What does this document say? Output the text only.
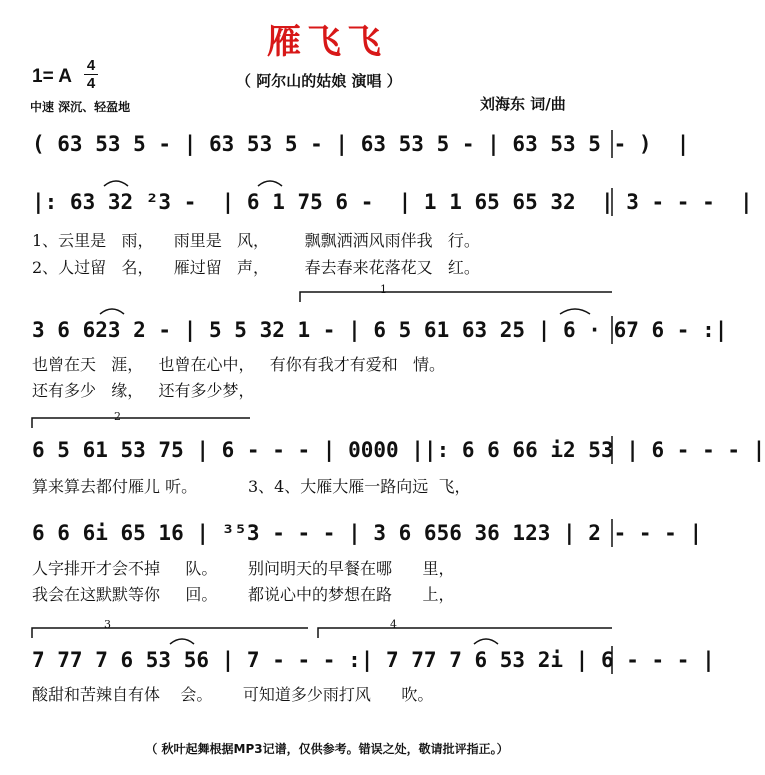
雁飞飞
1= A
4
4	（ 阿尔山的姑娘 演唱 ）
中速 深沉、轻盈地	刘海东 词/曲
( 63 53 5 - | 63 53 5 - | 63 53 5 - | 63 53 5 - )  |
|: 63 32 ²3 -  | 6 1 75 6 -  | 1 1 65 65 32  | 3 - - -  |
1、云里是   雨，    雨里是   风，       飘飘洒洒风雨伴我   行。
2、人过留   名，    雁过留   声，       春去春来花落花又   红。
1
3 6 623 2 - | 5 5 32 1 - | 6 5 61 63 25 | 6 · 67 6 - :|
也曾在天   涯，   也曾在心中，   有你有我才有爱和   情。
还有多少   缘，   还有多少梦，
2
6 5 61 53 75 | 6 - - - | 0000 ||: 6 6 66 i2 53 | 6 - - - |
算来算去都付雁儿 听。          3、4、大雁大雁一路向远  飞，
6 6 6i 65 16 | ³⁵3 - - - | 3 6 656 36 123 | 2 - - - |
人字排开才会不掉     队。      别问明天的早餐在哪      里，
我会在这默默等你     回。      都说心中的梦想在路      上，
3	4
7 77 7 6 53 56 | 7 - - - :| 7 77 7 6 53 2i | 6 - - - |
酸甜和苦辣自有体    会。      可知道多少雨打风      吹。
（ 秋叶起舞根据MP3记谱，仅供参考。错误之处，敬请批评指正。）
